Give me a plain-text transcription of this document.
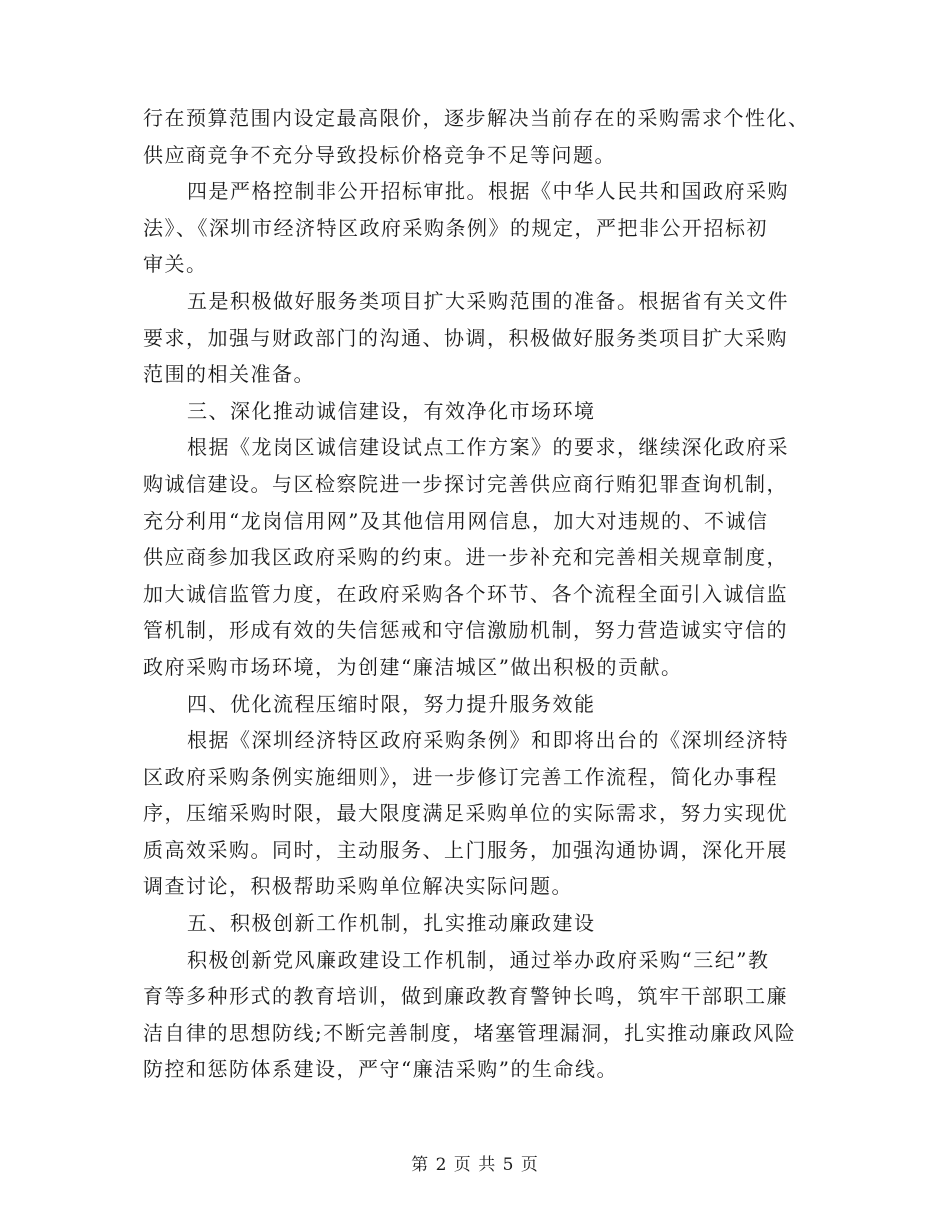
行在预算范围内设定最高限价，逐步解决当前存在的采购需求个性化、
供应商竞争不充分导致投标价格竞争不足等问题。
四是严格控制非公开招标审批。根据《中华人民共和国政府采购
法》、《深圳市经济特区政府采购条例》的规定，严把非公开招标初
审关。
五是积极做好服务类项目扩大采购范围的准备。根据省有关文件
要求，加强与财政部门的沟通、协调，积极做好服务类项目扩大采购
范围的相关准备。
三、深化推动诚信建设，有效净化市场环境
根据《龙岗区诚信建设试点工作方案》的要求，继续深化政府采
购诚信建设。与区检察院进一步探讨完善供应商行贿犯罪查询机制，
充分利用“龙岗信用网”及其他信用网信息，加大对违规的、不诚信
供应商参加我区政府采购的约束。进一步补充和完善相关规章制度，
加大诚信监管力度，在政府采购各个环节、各个流程全面引入诚信监
管机制，形成有效的失信惩戒和守信激励机制，努力营造诚实守信的
政府采购市场环境，为创建“廉洁城区”做出积极的贡献。
四、优化流程压缩时限，努力提升服务效能
根据《深圳经济特区政府采购条例》和即将出台的《深圳经济特
区政府采购条例实施细则》，进一步修订完善工作流程，简化办事程
序，压缩采购时限，最大限度满足采购单位的实际需求，努力实现优
质高效采购。同时，主动服务、上门服务，加强沟通协调，深化开展
调查讨论，积极帮助采购单位解决实际问题。
五、积极创新工作机制，扎实推动廉政建设
积极创新党风廉政建设工作机制，通过举办政府采购“三纪”教
育等多种形式的教育培训，做到廉政教育警钟长鸣，筑牢干部职工廉
洁自律的思想防线;不断完善制度，堵塞管理漏洞，扎实推动廉政风险
防控和惩防体系建设，严守“廉洁采购”的生命线。
第 2 页 共 5 页
